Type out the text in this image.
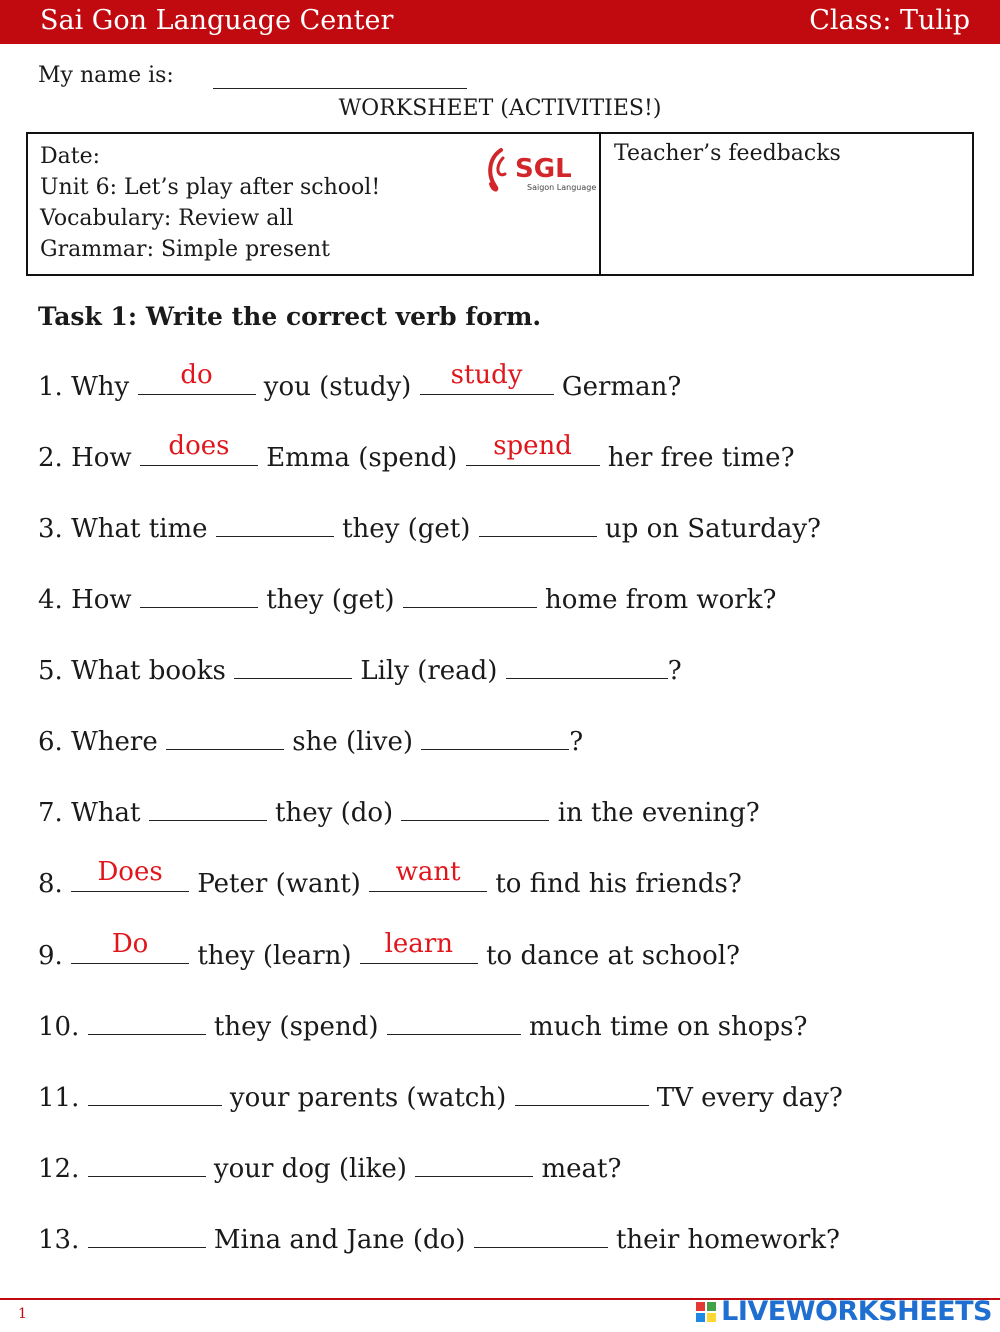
Sai Gon Language Center	Class: Tulip
My name is:
WORKSHEET (ACTIVITIES!)
Date:
Unit 6: Let’s play after school!
Vocabulary: Review all
Grammar: Simple present
SGL
Saigon Language
Teacher’s feedbacks
Task 1: Write the correct verb form.
1. Why	do	you (study)	study	German?
2. How	does	Emma (spend)	spend	her free time?
3. What time	they (get)	up on Saturday?
4. How	they (get)	home from work?
5. What books	Lily (read)	?
6. Where	she (live)	?
7. What	they (do)	in the evening?
8.	Does	Peter (want)	want	to find his friends?
9.	Do	they (learn)	learn	to dance at school?
10.	they (spend)	much time on shops?
11.	your parents (watch)	TV every day?
12.	your dog (like)	meat?
13.	Mina and Jane (do)	their homework?
1	LIVEWORKSHEETS
